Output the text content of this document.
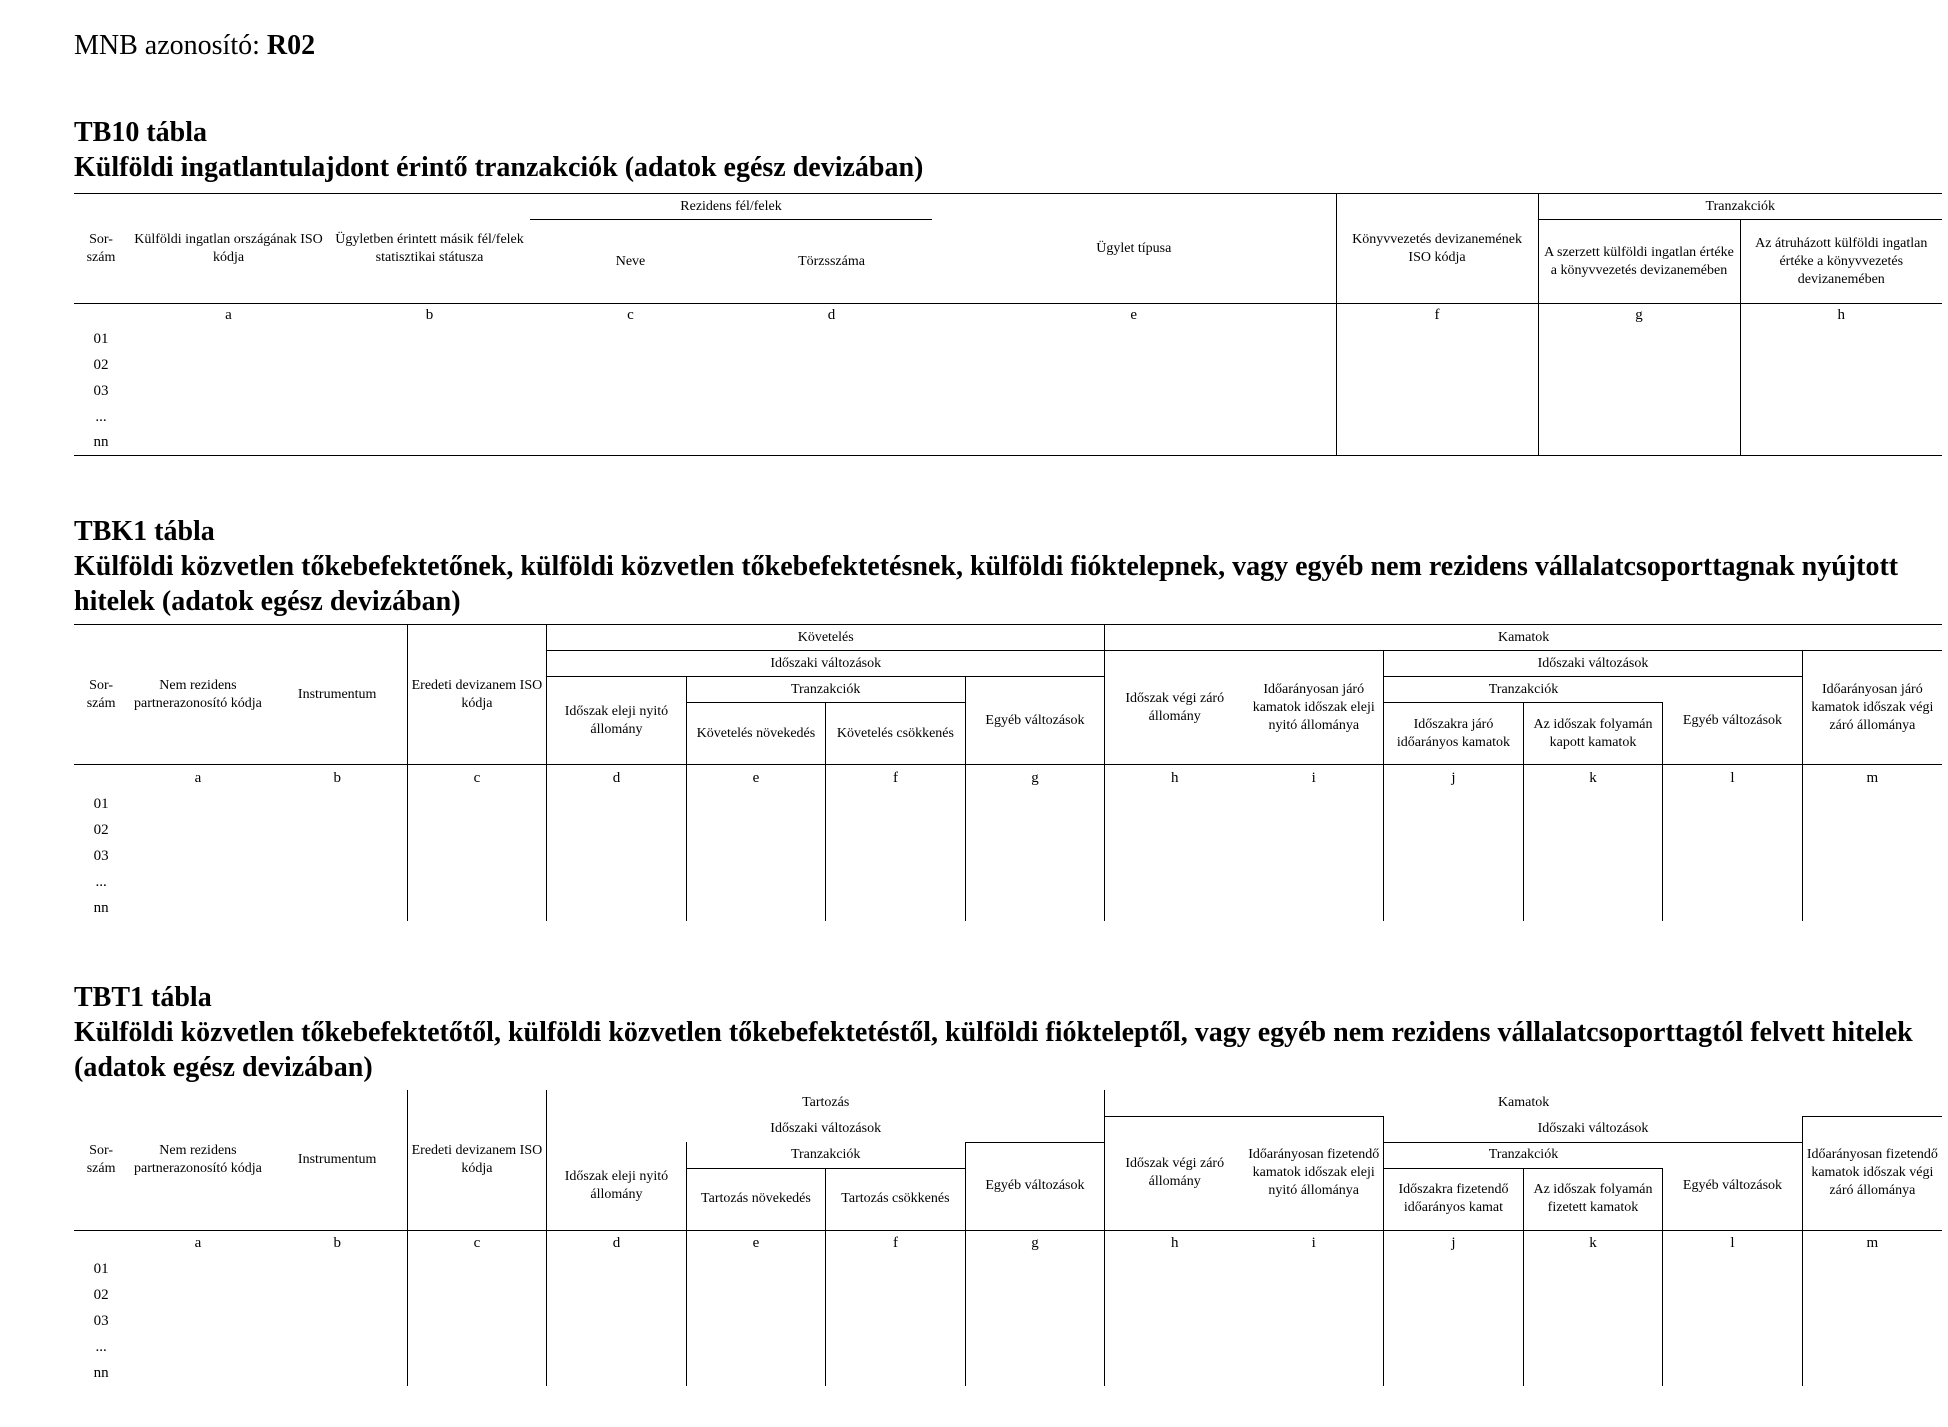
MNB azonosító: R02
TB10 tábla
Külföldi ingatlantulajdont érintő tranzakciók (adatok egész devizában)
Sor-szám	Külföldi ingatlan országának ISO kódja	Ügyletben érintett másik fél/felek statisztikai státusza	Rezidens fél/felek		Ügylet típusa	Könyvvezetés devizanemének ISO kódja	Tranzakciók	
			Neve	Törzsszáma			A szerzett külföldi ingatlan értéke a könyvvezetés devizanemében	Az átruházott külföldi ingatlan értéke a könyvvezetés devizanemében
	a	b	c	d	e	f	g	h
01								
02								
03								
...								
nn								
TBK1 tábla
Külföldi közvetlen tőkebefektetőnek, külföldi közvetlen tőkebefektetésnek, külföldi fióktelepnek, vagy egyéb nem rezidens vállalatcsoporttagnak nyújtott hitelek (adatok egész devizában)
Sor-szám	Nem rezidens partnerazonosító kódja	Instrumentum	Eredeti devizanem ISO kódja	Követelés				Kamatok					
				Időszaki változások				Időszak végi záró állomány	Időarányosan járó kamatok időszak eleji nyitó állománya	Időszaki változások			Időarányosan járó kamatok időszak végi záró állománya
				Időszak eleji nyitó állomány	Tranzakciók		Egyéb változások			Tranzakciók		Egyéb változások	
					Követelés növekedés	Követelés csökkenés				Időszakra járó időarányos kamatok	Az időszak folyamán kapott kamatok		
	a	b	c	d	e	f	g	h	i	j	k	l	m
01													
02													
03													
...													
nn													
TBT1 tábla
Külföldi közvetlen tőkebefektetőtől, külföldi közvetlen tőkebefektetéstől, külföldi fiókteleptől, vagy egyéb nem rezidens vállalatcsoporttagtól felvett hitelek (adatok egész devizában)
Sor-szám	Nem rezidens partnerazonosító kódja	Instrumentum	Eredeti devizanem ISO kódja	Tartozás				Kamatok					
				Időszaki változások				Időszak végi záró állomány	Időarányosan fizetendő kamatok időszak eleji nyitó állománya	Időszaki változások			Időarányosan fizetendő kamatok időszak végi záró állománya
				Időszak eleji nyitó állomány	Tranzakciók		Egyéb változások			Tranzakciók		Egyéb változások	
					Tartozás növekedés	Tartozás csökkenés				Időszakra fizetendő időarányos kamat	Az időszak folyamán fizetett kamatok		
	a	b	c	d	e	f	g	h	i	j	k	l	m
01													
02													
03													
...													
nn													
